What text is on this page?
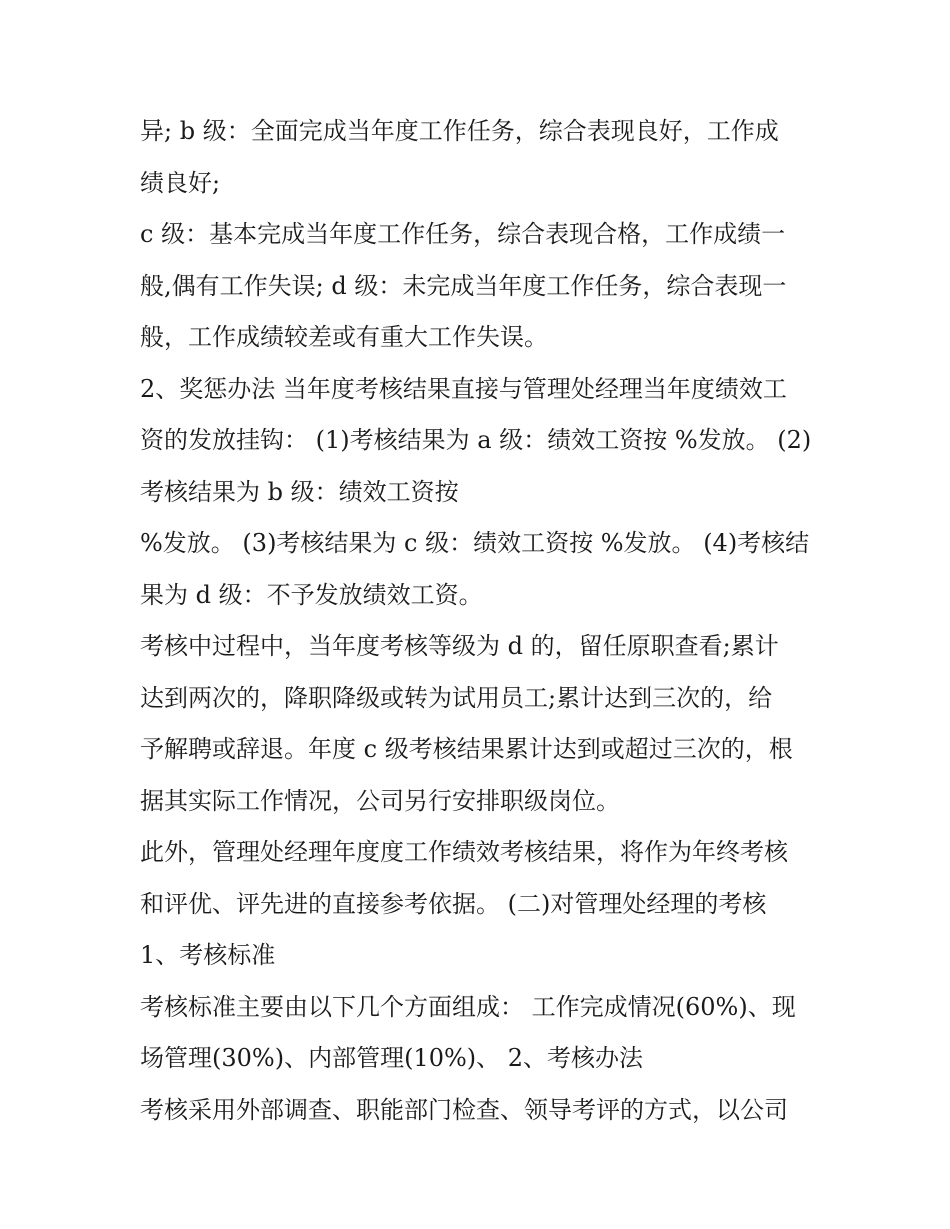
异; b 级：全面完成当年度工作任务，综合表现良好，工作成
绩良好;
c 级：基本完成当年度工作任务，综合表现合格，工作成绩一
般,偶有工作失误; d 级：未完成当年度工作任务，综合表现一
般，工作成绩较差或有重大工作失误。
2、奖惩办法 当年度考核结果直接与管理处经理当年度绩效工
资的发放挂钩： (1)考核结果为 a 级：绩效工资按 %发放。 (2)
考核结果为 b 级：绩效工资按
%发放。 (3)考核结果为 c 级：绩效工资按 %发放。 (4)考核结
果为 d 级：不予发放绩效工资。
考核中过程中，当年度考核等级为 d 的，留任原职查看;累计
达到两次的，降职降级或转为试用员工;累计达到三次的，给
予解聘或辞退。年度 c 级考核结果累计达到或超过三次的，根
据其实际工作情况，公司另行安排职级岗位。
此外，管理处经理年度度工作绩效考核结果，将作为年终考核
和评优、评先进的直接参考依据。 (二)对管理处经理的考核
1、考核标准
考核标准主要由以下几个方面组成： 工作完成情况(60%)、现
场管理(30%)、内部管理(10%)、 2、考核办法
考核采用外部调查、职能部门检查、领导考评的方式，以公司
